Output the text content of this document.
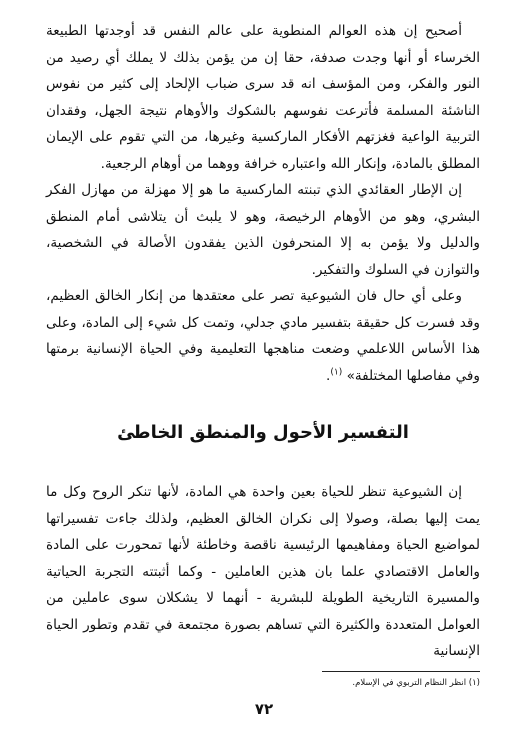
أصحيح إن هذه العوالم المنطوية على عالم النفس قد أوجدتها الطبيعة الخرساء أو أنها وجدت صدفة، حقا إن من يؤمن بذلك لا يملك أي رصيد من النور والفكر، ومن المؤسف انه قد سرى ضباب الإلحاد إلى كثير من نفوس الناشئة المسلمة فأترعت نفوسهم بالشكوك والأوهام نتيجة الجهل، وفقدان التربية الواعية فغزتهم الأفكار الماركسية وغيرها، من التي تقوم على الإيمان المطلق بالمادة، وإنكار الله واعتباره خرافة ووهما من أوهام الرجعية.

إن الإطار العقائدي الذي تبنته الماركسية ما هو إلا مهزلة من مهازل الفكر البشري، وهو من الأوهام الرخيصة، وهو لا يلبث أن يتلاشى أمام المنطق والدليل ولا يؤمن به إلا المنحرفون الذين يفقدون الأصالة في الشخصية، والتوازن في السلوك والتفكير.

وعلى أي حال فان الشيوعية تصر على معتقدها من إنكار الخالق العظيم، وقد فسرت كل حقيقة بتفسير مادي جدلي، وتمت كل شيء إلى المادة، وعلى هذا الأساس اللاعلمي وضعت مناهجها التعليمية وفي الحياة الإنسانية برمتها وفي مفاصلها المختلفة» $^{(١)}$.

التفسير الأحول والمنطق الخاطئ

إن الشيوعية تنظر للحياة بعين واحدة هي المادة، لأنها تنكر الروح وكل ما يمت إليها بصلة، وصولا إلى نكران الخالق العظيم، ولذلك جاءت تفسيراتها لمواضيع الحياة ومفاهيمها الرئيسية ناقصة وخاطئة لأنها تمحورت على المادة والعامل الاقتصادي علما بان هذين العاملين - وكما أثبتته التجربة الحياتية والمسيرة التاريخية الطويلة للبشرية - أنهما لا يشكلان سوى عاملين من العوامل المتعددة والكثيرة التي تساهم بصورة مجتمعة في تقدم وتطور الحياة الإنسانية

(١) انظر النظام التربوي في الإسلام.
٧٢
